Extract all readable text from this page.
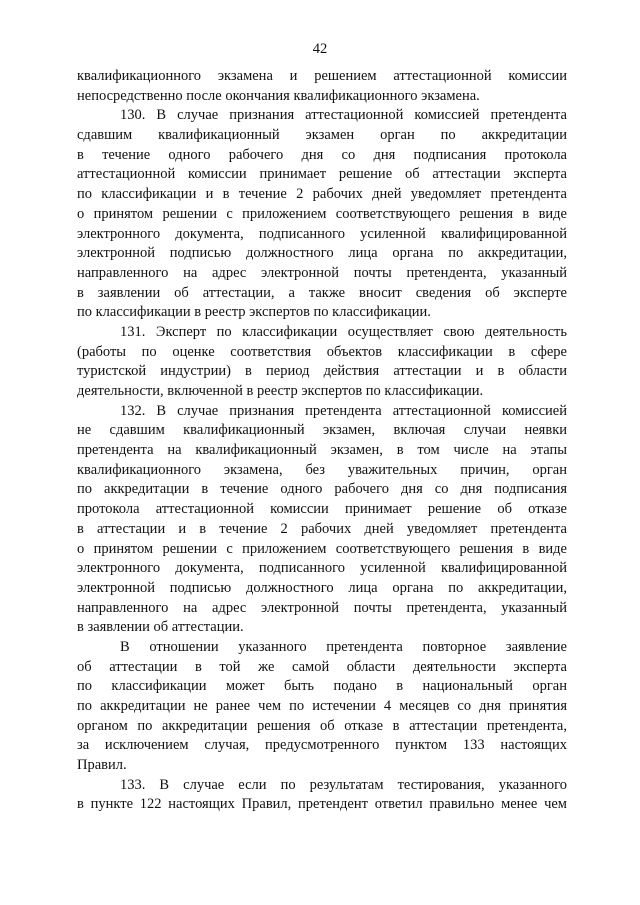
42

квалификационного экзамена и решением аттестационной комиссии
непосредственно после окончания квалификационного экзамена.

130. В случае признания аттестационной комиссией претендента
сдавшим квалификационный экзамен орган по аккредитации
в течение одного рабочего дня со дня подписания протокола
аттестационной комиссии принимает решение об аттестации эксперта
по классификации и в течение 2 рабочих дней уведомляет претендента
о принятом решении с приложением соответствующего решения в виде
электронного документа, подписанного усиленной квалифицированной
электронной подписью должностного лица органа по аккредитации,
направленного на адрес электронной почты претендента, указанный
в заявлении об аттестации, а также вносит сведения об эксперте
по классификации в реестр экспертов по классификации.

131. Эксперт по классификации осуществляет свою деятельность
(работы по оценке соответствия объектов классификации в сфере
туристской индустрии) в период действия аттестации и в области
деятельности, включенной в реестр экспертов по классификации.

132. В случае признания претендента аттестационной комиссией
не сдавшим квалификационный экзамен, включая случаи неявки
претендента на квалификационный экзамен, в том числе на этапы
квалификационного экзамена, без уважительных причин, орган
по аккредитации в течение одного рабочего дня со дня подписания
протокола аттестационной комиссии принимает решение об отказе
в аттестации и в течение 2 рабочих дней уведомляет претендента
о принятом решении с приложением соответствующего решения в виде
электронного документа, подписанного усиленной квалифицированной
электронной подписью должностного лица органа по аккредитации,
направленного на адрес электронной почты претендента, указанный
в заявлении об аттестации.

В отношении указанного претендента повторное заявление
об аттестации в той же самой области деятельности эксперта
по классификации может быть подано в национальный орган
по аккредитации не ранее чем по истечении 4 месяцев со дня принятия
органом по аккредитации решения об отказе в аттестации претендента,
за исключением случая, предусмотренного пунктом 133 настоящих
Правил.

133. В случае если по результатам тестирования, указанного
в пункте 122 настоящих Правил, претендент ответил правильно менее чем
